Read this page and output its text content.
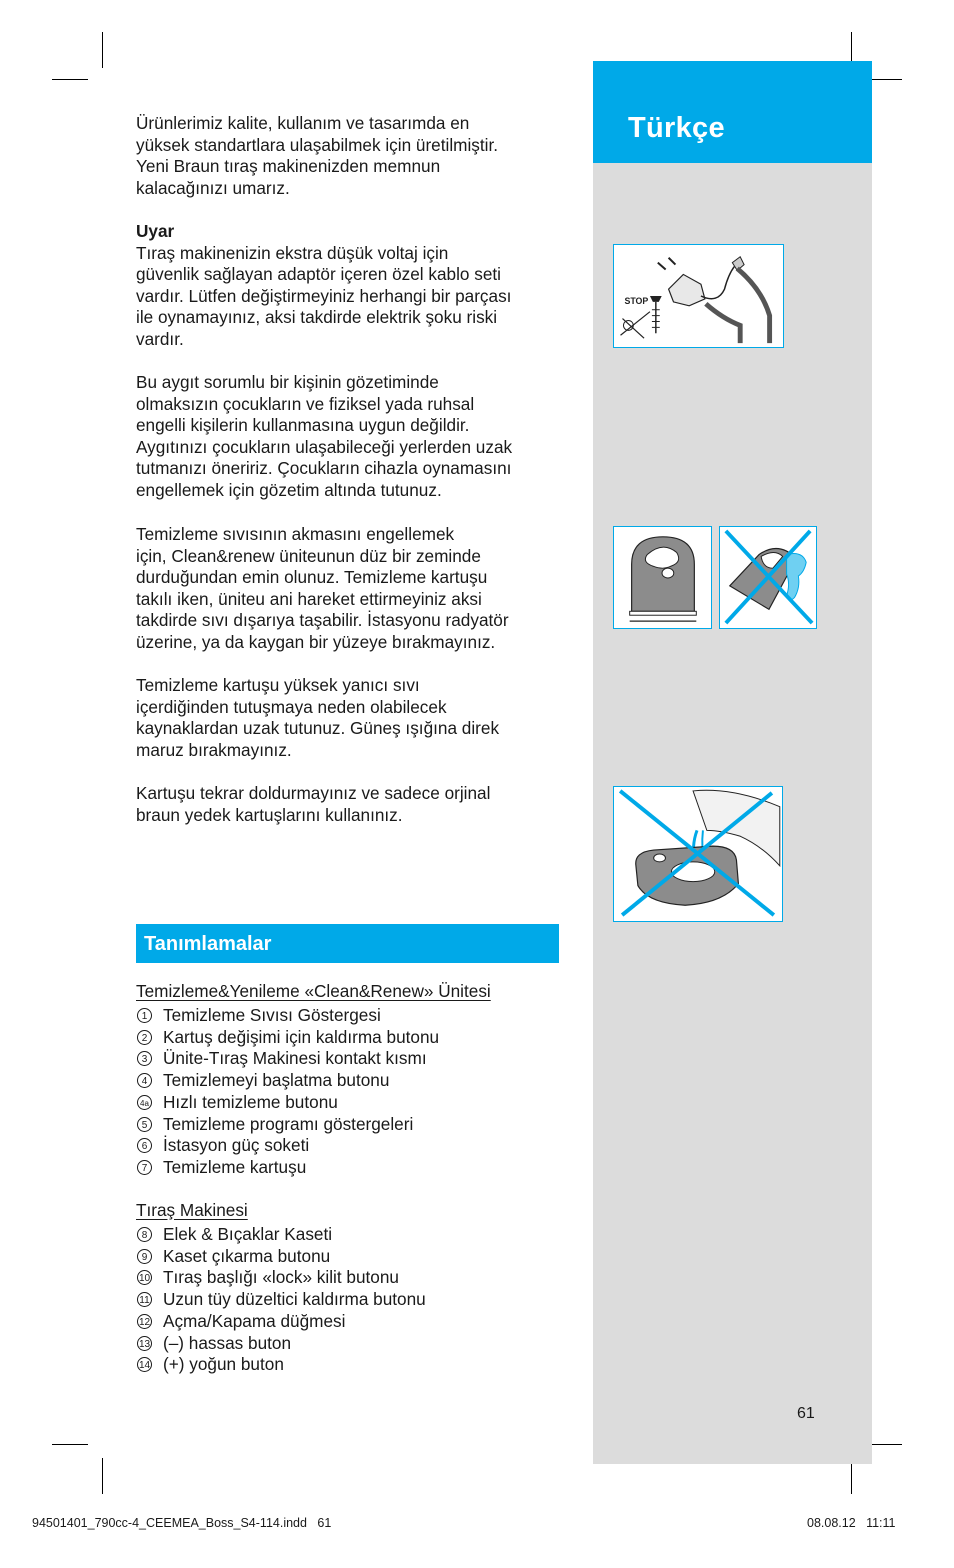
Türkçe
STOP

Ürünlerimiz kalite, kullanım ve tasarımda en

yüksek standartlara ulaşabilmek için üretilmiştir.

Yeni Braun tıraş makinenizden memnun

kalacağınızı umarız.

Uyar

Tıraş makinenizin ekstra düşük voltaj için

güvenlik sağlayan adaptör içeren özel kablo seti

vardır. Lütfen değiştirmeyiniz herhangi bir parçası

ile oynamayınız, aksi takdirde elektrik şoku riski

vardır.

Bu aygıt sorumlu bir kişinin gözetiminde

olmaksızın çocukların ve fiziksel yada ruhsal

engelli kişilerin kullanmasına uygun değildir.

Aygıtınızı çocukların ulaşabileceği yerlerden uzak

tutmanızı öneririz. Çocukların cihazla oynamasını

engellemek için gözetim altında tutunuz.

Temizleme sıvısının akmasını engellemek

için, Clean&renew üniteunun düz bir zeminde

durduğundan emin olunuz. Temizleme kartuşu

takılı iken, üniteu ani hareket ettirmeyiniz aksi

takdirde sıvı dışarıya taşabilir. İstasyonu radyatör

üzerine, ya da kaygan bir yüzeye bırakmayınız.

Temizleme kartuşu yüksek yanıcı sıvı

içerdiğinden tutuşmaya neden olabilecek

kaynaklardan uzak tutunuz. Güneş ışığına direk

maruz bırakmayınız.

Kartuşu tekrar doldurmayınız ve sadece orjinal

braun yedek kartuşlarını kullanınız.

Tanımlamalar
Temizleme&Yenileme «Clean&Renew» Ünitesi
1 Temizleme Sıvısı Göstergesi
2 Kartuş değişimi için kaldırma butonu
3 Ünite-Tıraş Makinesi kontakt kısmı
4 Temizlemeyi başlatma butonu
4a Hızlı temizleme butonu
5 Temizleme programı göstergeleri
6 İstasyon güç soketi
7 Temizleme kartuşu
Tıraş Makinesi
8 Elek & Bıçaklar Kaseti
9 Kaset çıkarma butonu
10 Tıraş başlığı «lock» kilit butonu
11 Uzun tüy düzeltici kaldırma butonu
12 Açma/Kapama düğmesi
13 (–) hassas buton
14 (+) yoğun buton
61
94501401_790cc-4_CEEMEA_Boss_S4-114.indd   61	08.08.12   11:11
